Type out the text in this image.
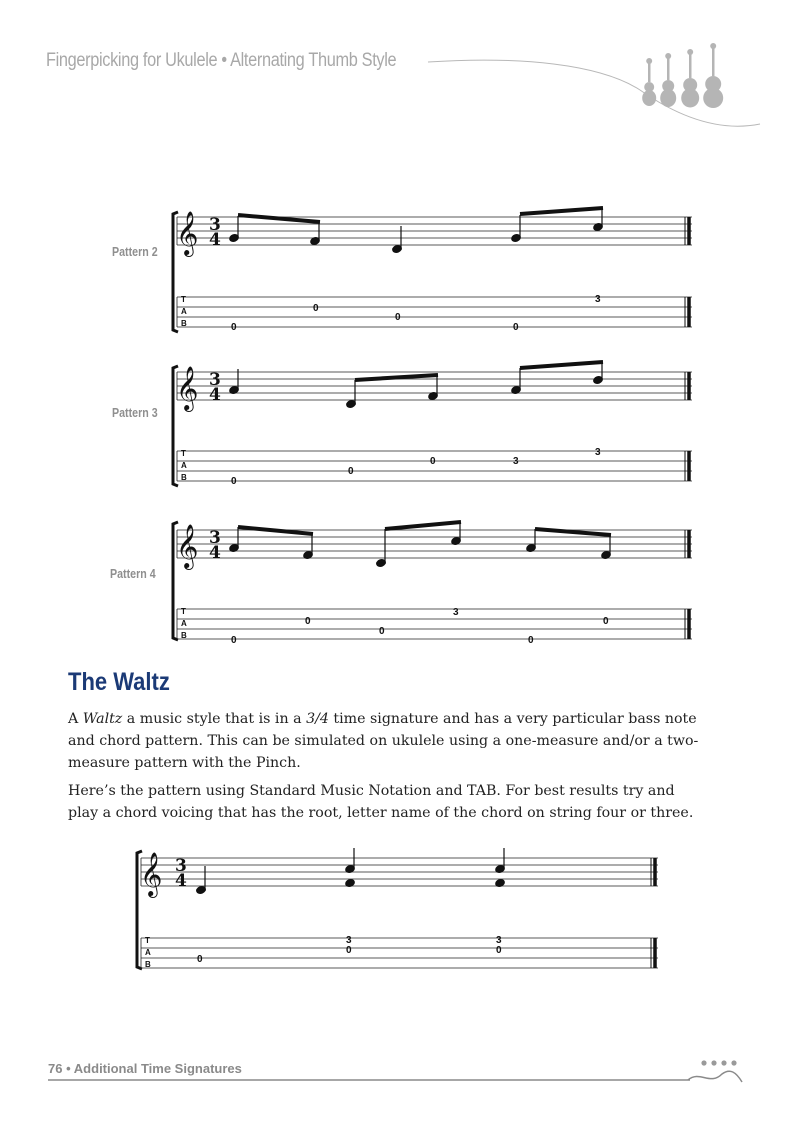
Fingerpicking for Ukulele • Alternating Thumb Style
𝄞 3
4
T
A
B	0
0
0
0
3
𝄞 3
4
T
A
B	0
0
0	3
3
𝄞 3
4
T
A
B	0
0
0
3
0
0
𝄞 3
4
T
A
B	0
3
0
3
0
Pattern 2
Pattern 3
Pattern 4
The Waltz

A Waltz a music style that is in a 3/4 time signature and has a very particular bass note and chord pattern. This can be simulated on ukulele using a one-measure and/or a two-measure pattern with the Pinch.

Here’s the pattern using Standard Music Notation and TAB. For best results try and play a chord voicing that has the root, letter name of the chord on string four or three.

76 • Additional Time Signatures
